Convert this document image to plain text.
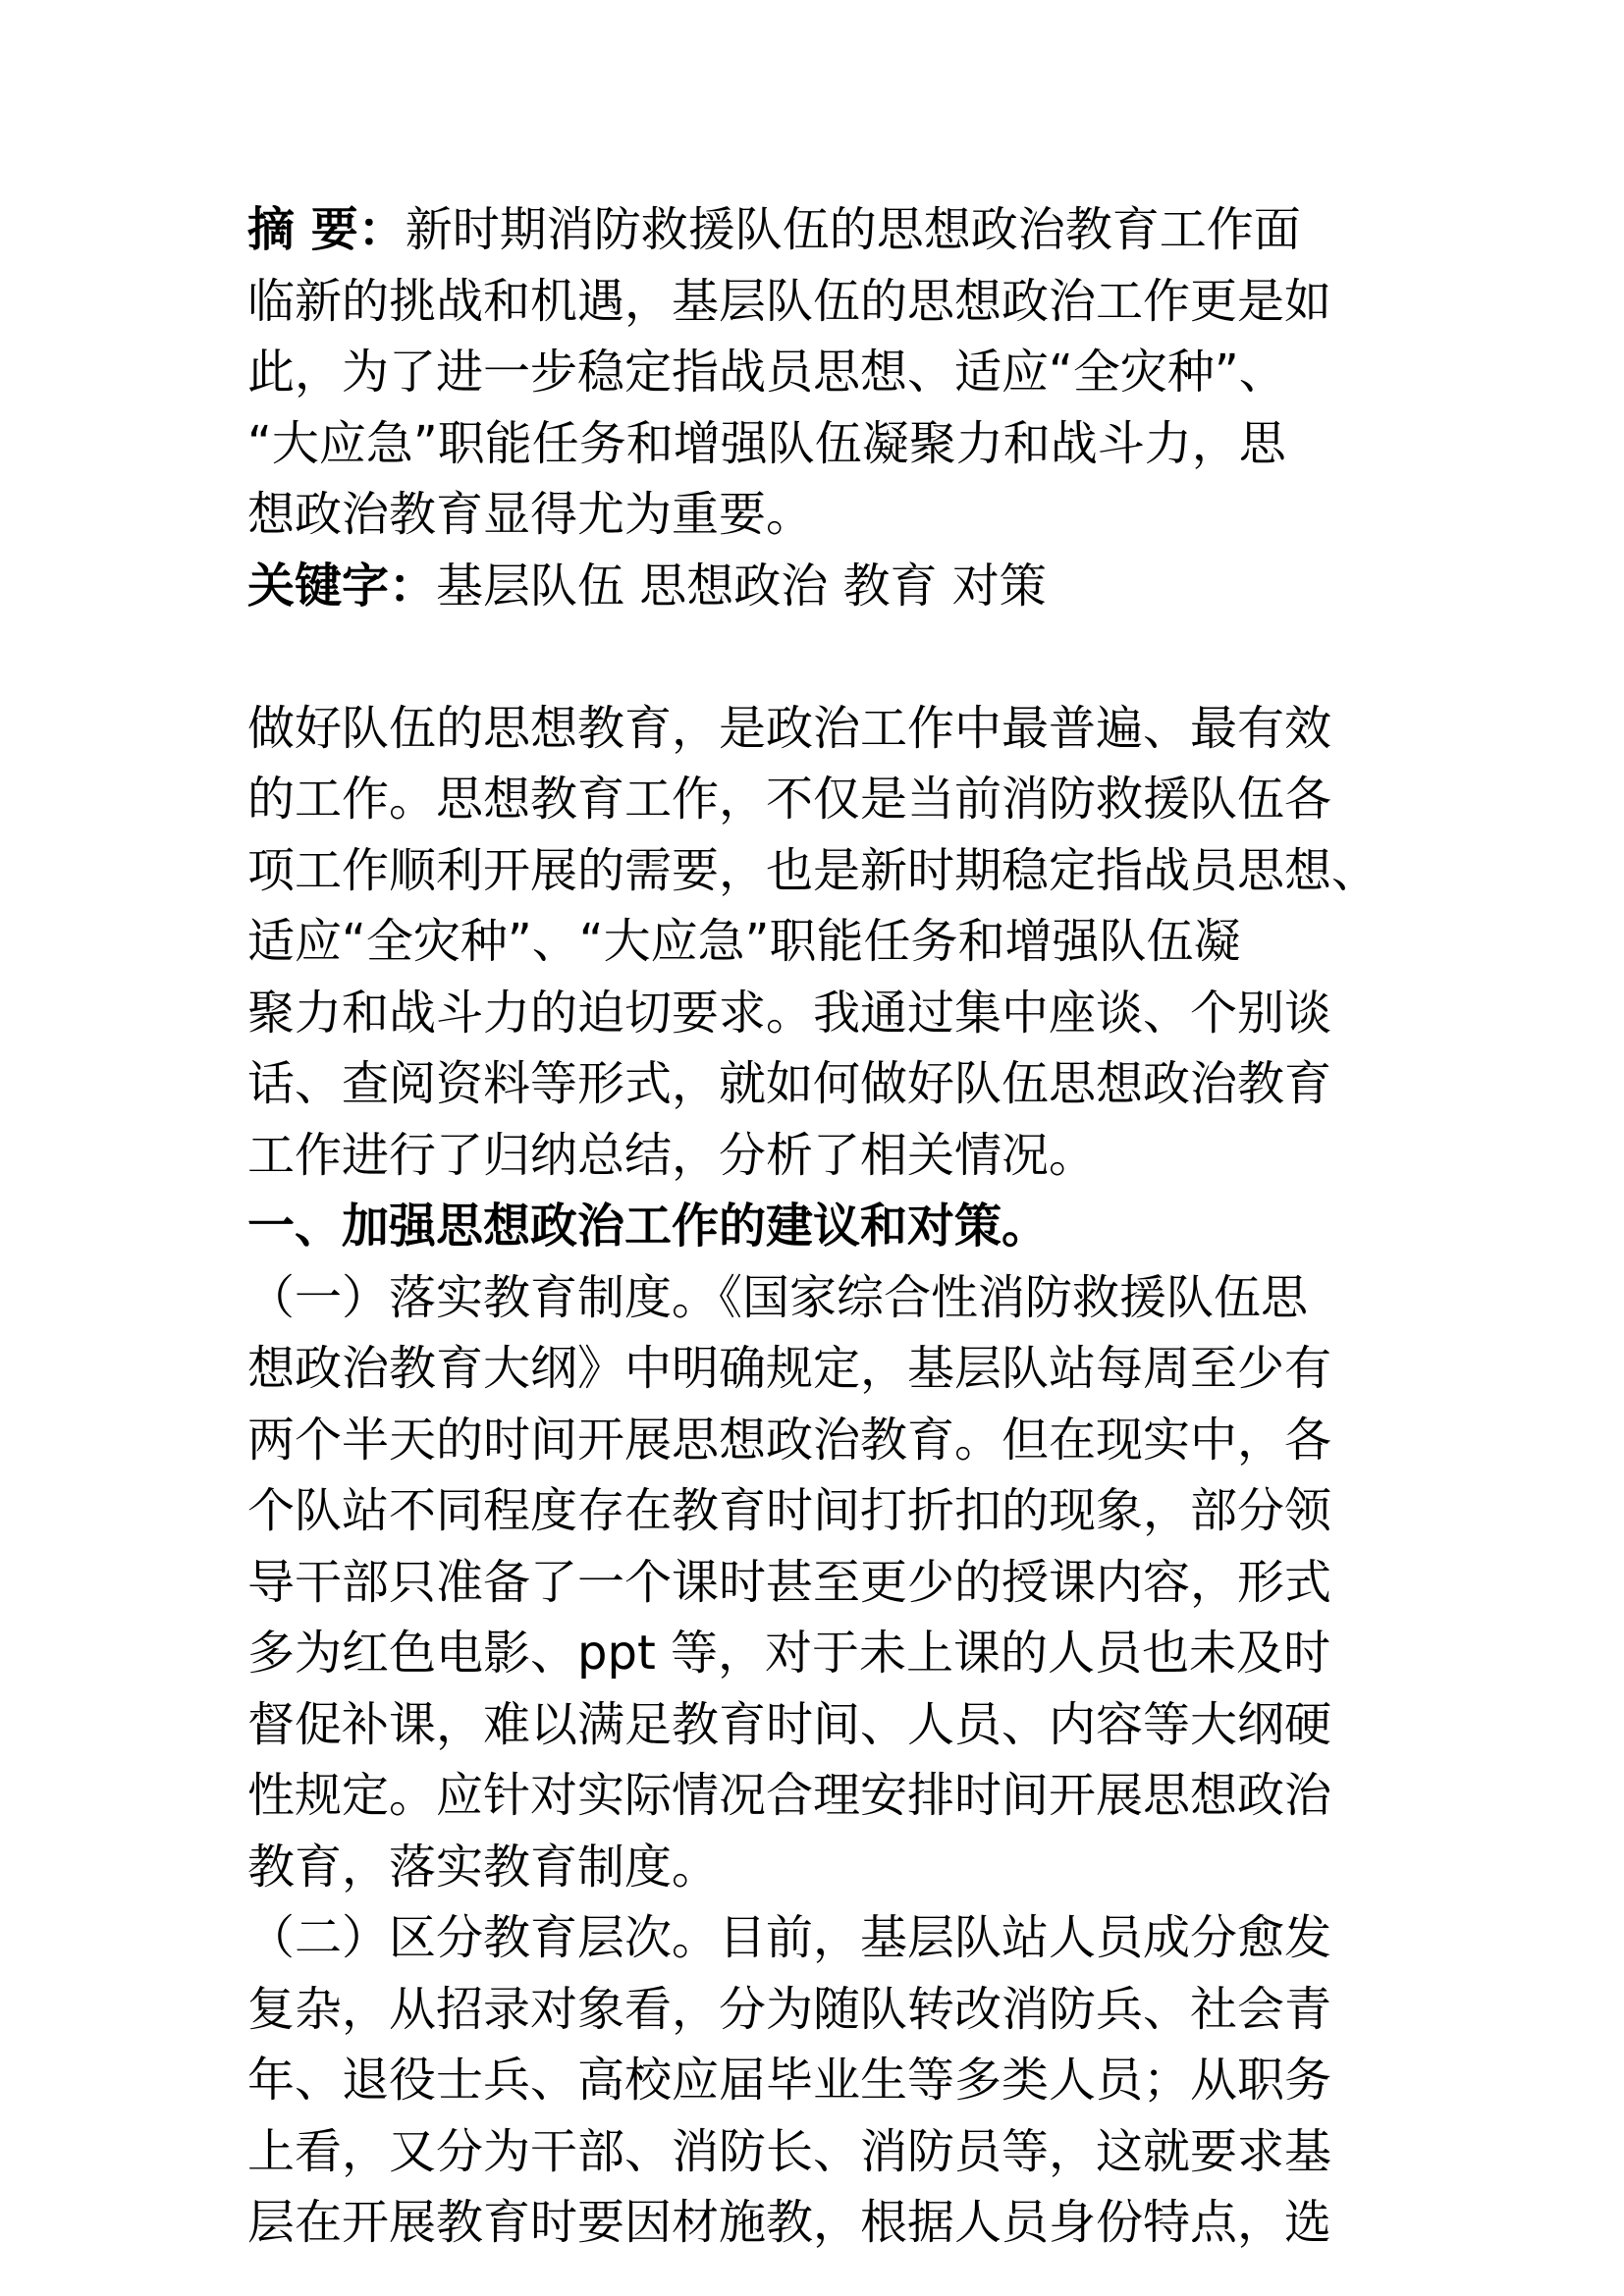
摘 要：新时期消防救援队伍的思想政治教育工作面
临新的挑战和机遇，基层队伍的思想政治工作更是如
此，为了进一步稳定指战员思想、适应“全灾种”、
“大应急”职能任务和增强队伍凝聚力和战斗力，思
想政治教育显得尤为重要。
关键字：基层队伍 思想政治 教育 对策
做好队伍的思想教育，是政治工作中最普遍、最有效
的工作。思想教育工作，不仅是当前消防救援队伍各
项工作顺利开展的需要，也是新时期稳定指战员思想、
适应“全灾种”、“大应急”职能任务和增强队伍凝
聚力和战斗力的迫切要求。我通过集中座谈、个别谈
话、查阅资料等形式，就如何做好队伍思想政治教育
工作进行了归纳总结，分析了相关情况。
一、加强思想政治工作的建议和对策。
（一）落实教育制度。《国家综合性消防救援队伍思
想政治教育大纲》中明确规定，基层队站每周至少有
两个半天的时间开展思想政治教育。但在现实中，各
个队站不同程度存在教育时间打折扣的现象，部分领
导干部只准备了一个课时甚至更少的授课内容，形式
多为红色电影、ppt 等，对于未上课的人员也未及时
督促补课，难以满足教育时间、人员、内容等大纲硬
性规定。应针对实际情况合理安排时间开展思想政治
教育，落实教育制度。
（二）区分教育层次。目前，基层队站人员成分愈发
复杂，从招录对象看，分为随队转改消防兵、社会青
年、退役士兵、高校应届毕业生等多类人员；从职务
上看，又分为干部、消防长、消防员等，这就要求基
层在开展教育时要因材施教，根据人员身份特点，选
